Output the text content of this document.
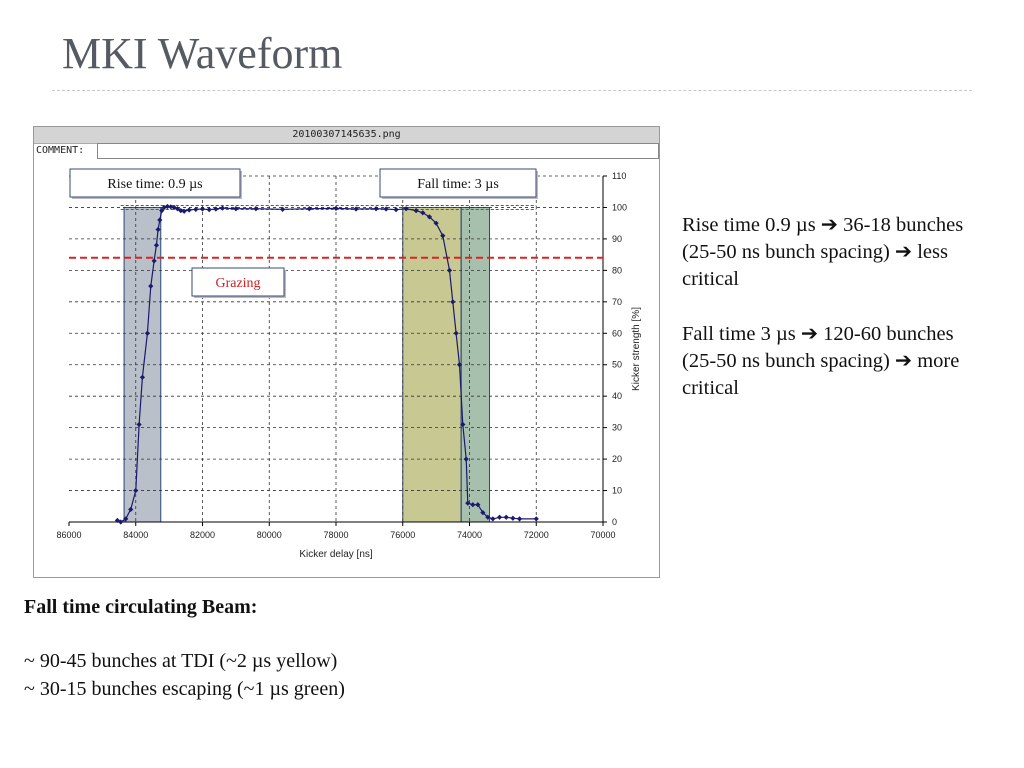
MKI Waveform
20100307145635.png
COMMENT:
86000	84000	82000	80000	78000	76000	74000	72000	70000
0
10
20
30
40
50
60
70
80
90
100
110
Kicker delay [ns]
Kicker strength [%]
Rise time: 0.9 µs	Fall time: 3 µs
Grazing
Rise time 0.9 µs ➔ 36-18 bunches (25-50 ns bunch spacing) ➔ less critical
Fall time 3 µs ➔ 120-60 bunches (25-50 ns bunch spacing) ➔ more critical
Fall time circulating Beam:
~ 90-45 bunches at TDI (~2 µs yellow)
~ 30-15 bunches escaping (~1 µs green)
